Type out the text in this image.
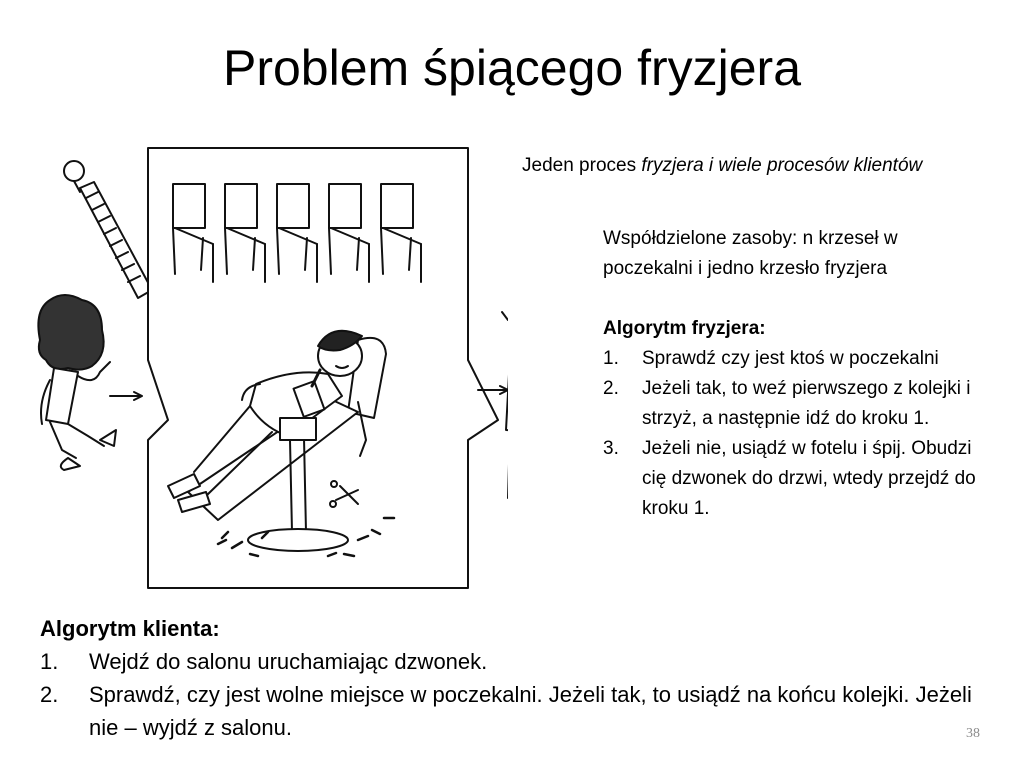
Problem śpiącego fryzjera

Jeden proces fryzjera i wiele procesów klientów

Współdzielone zasoby: n krzeseł w poczekalni i jedno krzesło fryzjera

Algorytm fryzjera:
1. Sprawdź czy jest ktoś w poczekalni
2. Jeżeli tak, to weź pierwszego z kolejki i strzyż, a następnie idź do kroku 1.
3. Jeżeli nie, usiądź w fotelu i śpij. Obudzi cię dzwonek do drzwi, wtedy przejdź do kroku 1.
Algorytm klienta:
1. Wejdź do salonu uruchamiając dzwonek.
2. Sprawdź, czy jest wolne miejsce w poczekalni. Jeżeli tak, to usiądź na końcu kolejki. Jeżeli nie – wyjdź z salonu.	38
